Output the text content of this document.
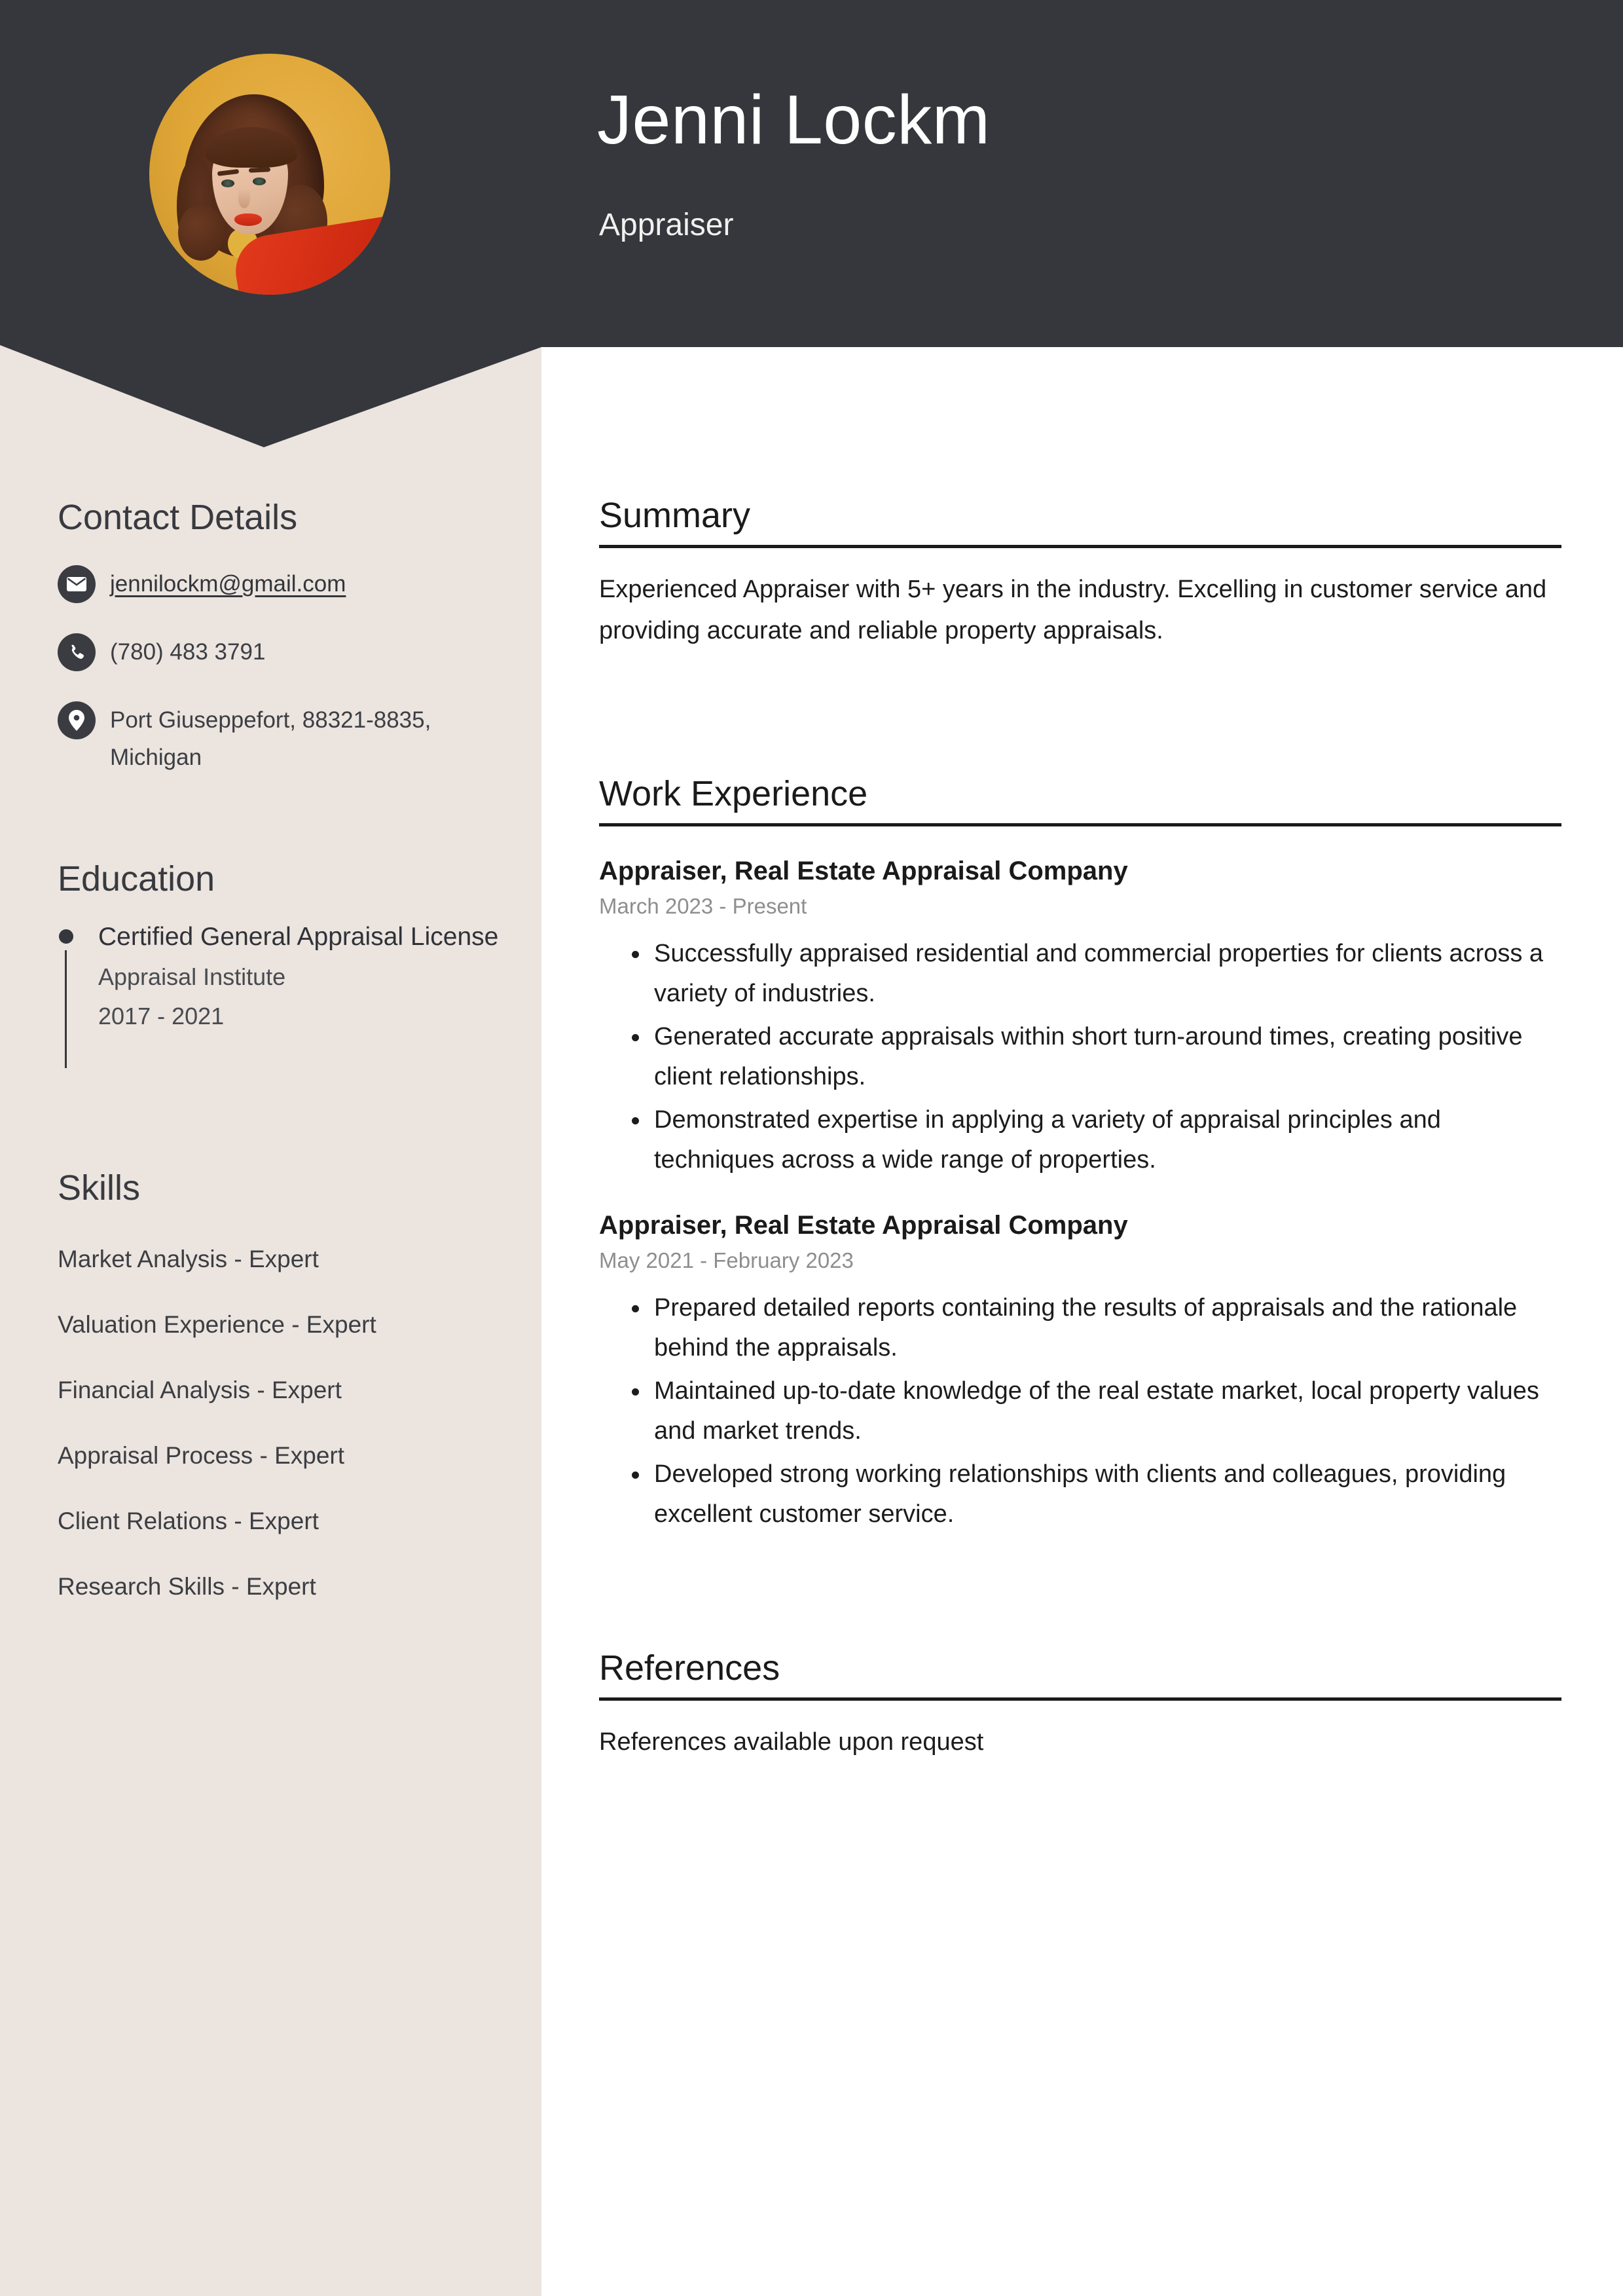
Jenni Lockm
Appraiser
Contact Details
jennilockm@gmail.com
(780) 483 3791
Port Giuseppefort, 88321-8835, Michigan
Education
Certified General Appraisal License
Appraisal Institute
2017 - 2021
Skills
Market Analysis - Expert
Valuation Experience - Expert
Financial Analysis - Expert
Appraisal Process - Expert
Client Relations - Expert
Research Skills - Expert
Summary
Experienced Appraiser with 5+ years in the industry. Excelling in customer service and providing accurate and reliable property appraisals.
Work Experience
Appraiser, Real Estate Appraisal Company
March 2023 - Present
Successfully appraised residential and commercial properties for clients across a variety of industries.
Generated accurate appraisals within short turn-around times, creating positive client relationships.
Demonstrated expertise in applying a variety of appraisal principles and techniques across a wide range of properties.
Appraiser, Real Estate Appraisal Company
May 2021 - February 2023
Prepared detailed reports containing the results of appraisals and the rationale behind the appraisals.
Maintained up-to-date knowledge of the real estate market, local property values and market trends.
Developed strong working relationships with clients and colleagues, providing excellent customer service.
References
References available upon request
